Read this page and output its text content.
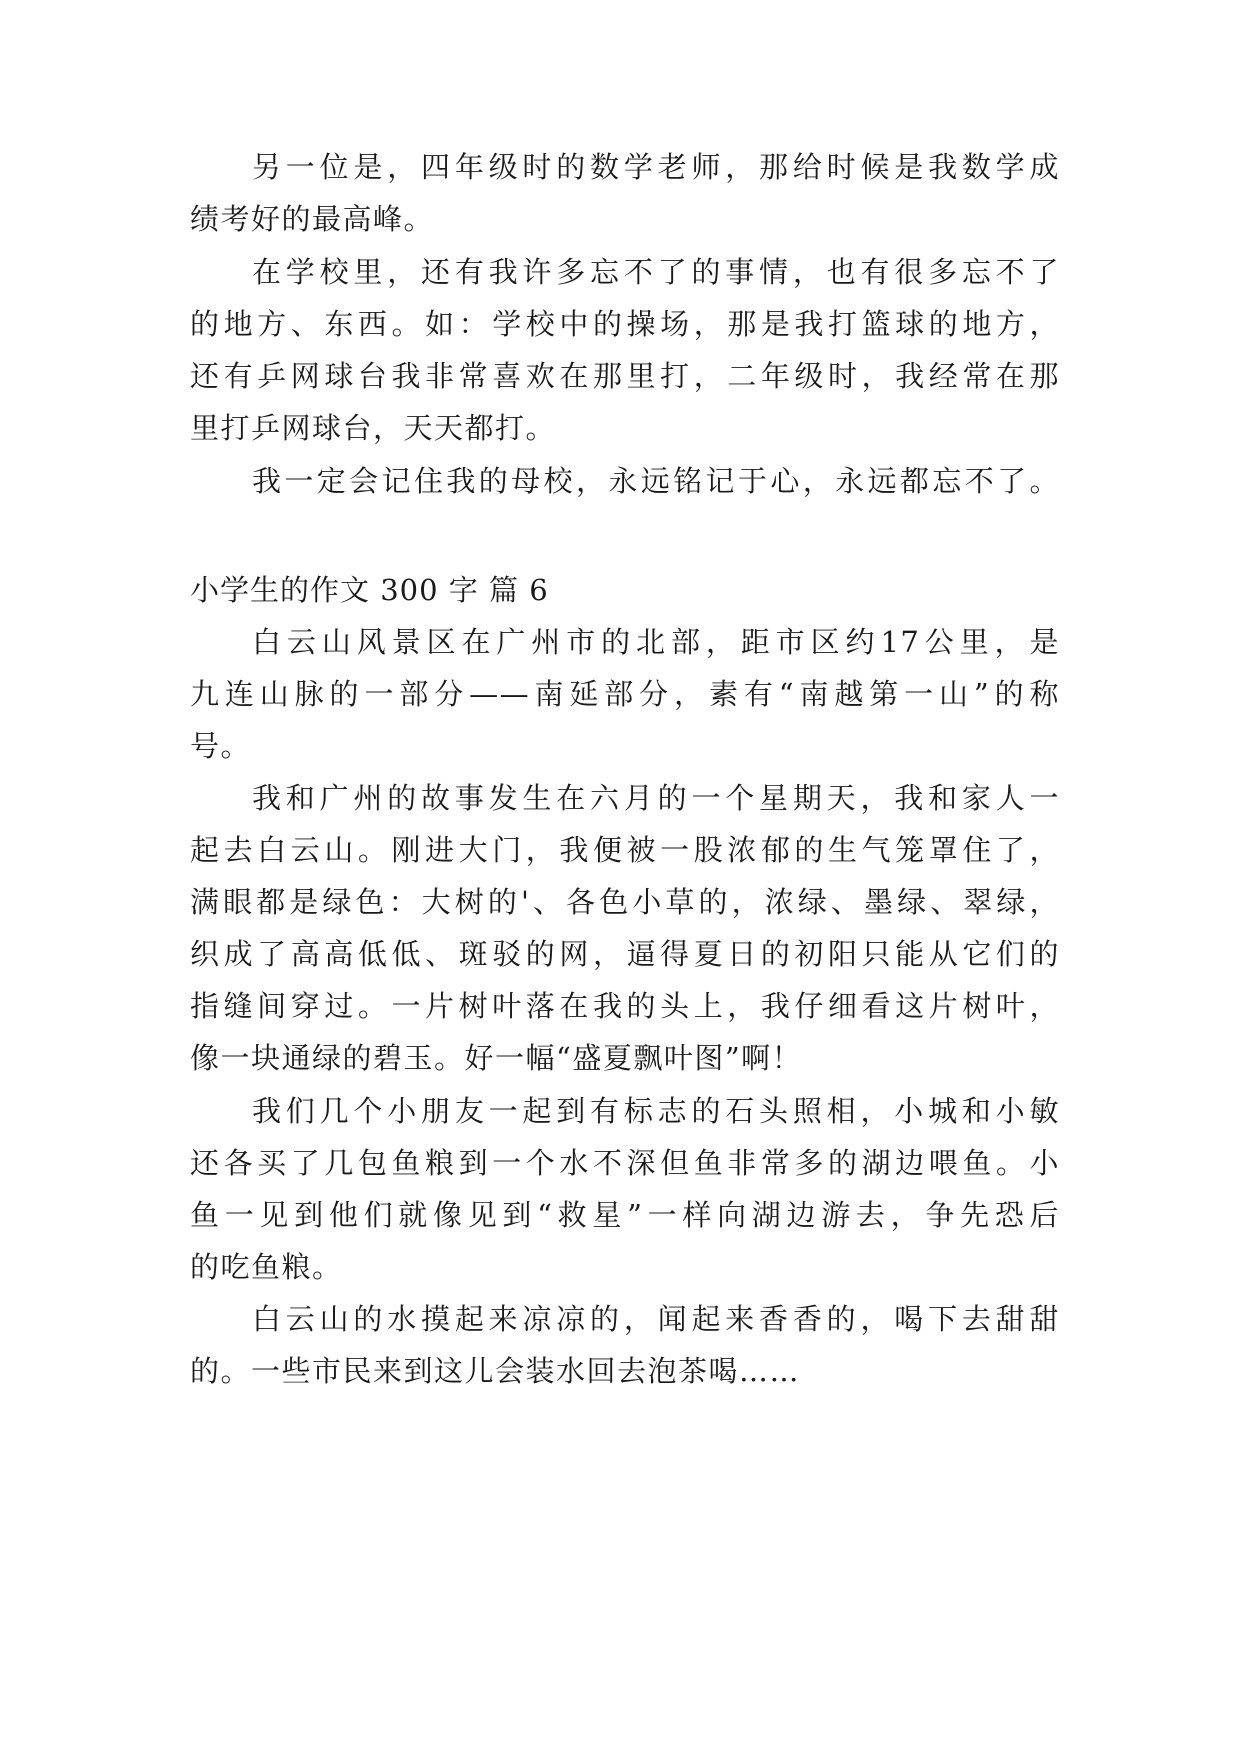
另一位是，四年级时的数学老师，那给时候是我数学成
绩考好的最高峰。
在学校里，还有我许多忘不了的事情，也有很多忘不了
的地方、东西。如：学校中的操场，那是我打篮球的地方，
还有乒网球台我非常喜欢在那里打，二年级时，我经常在那
里打乒网球台，天天都打。
我一定会记住我的母校，永远铭记于心，永远都忘不了。
小学生的作文 300 字 篇 6
白云山风景区在广州市的北部，距市区约17公里，是
九连山脉的一部分——南延部分，素有“南越第一山”的称
号。
我和广州的故事发生在六月的一个星期天，我和家人一
起去白云山。刚进大门，我便被一股浓郁的生气笼罩住了，
满眼都是绿色：大树的'、各色小草的，浓绿、墨绿、翠绿，
织成了高高低低、斑驳的网，逼得夏日的初阳只能从它们的
指缝间穿过。一片树叶落在我的头上，我仔细看这片树叶，
像一块通绿的碧玉。好一幅“盛夏飘叶图”啊！
我们几个小朋友一起到有标志的石头照相，小城和小敏
还各买了几包鱼粮到一个水不深但鱼非常多的湖边喂鱼。小
鱼一见到他们就像见到“救星”一样向湖边游去，争先恐后
的吃鱼粮。
白云山的水摸起来凉凉的，闻起来香香的，喝下去甜甜
的。一些市民来到这儿会装水回去泡茶喝……
